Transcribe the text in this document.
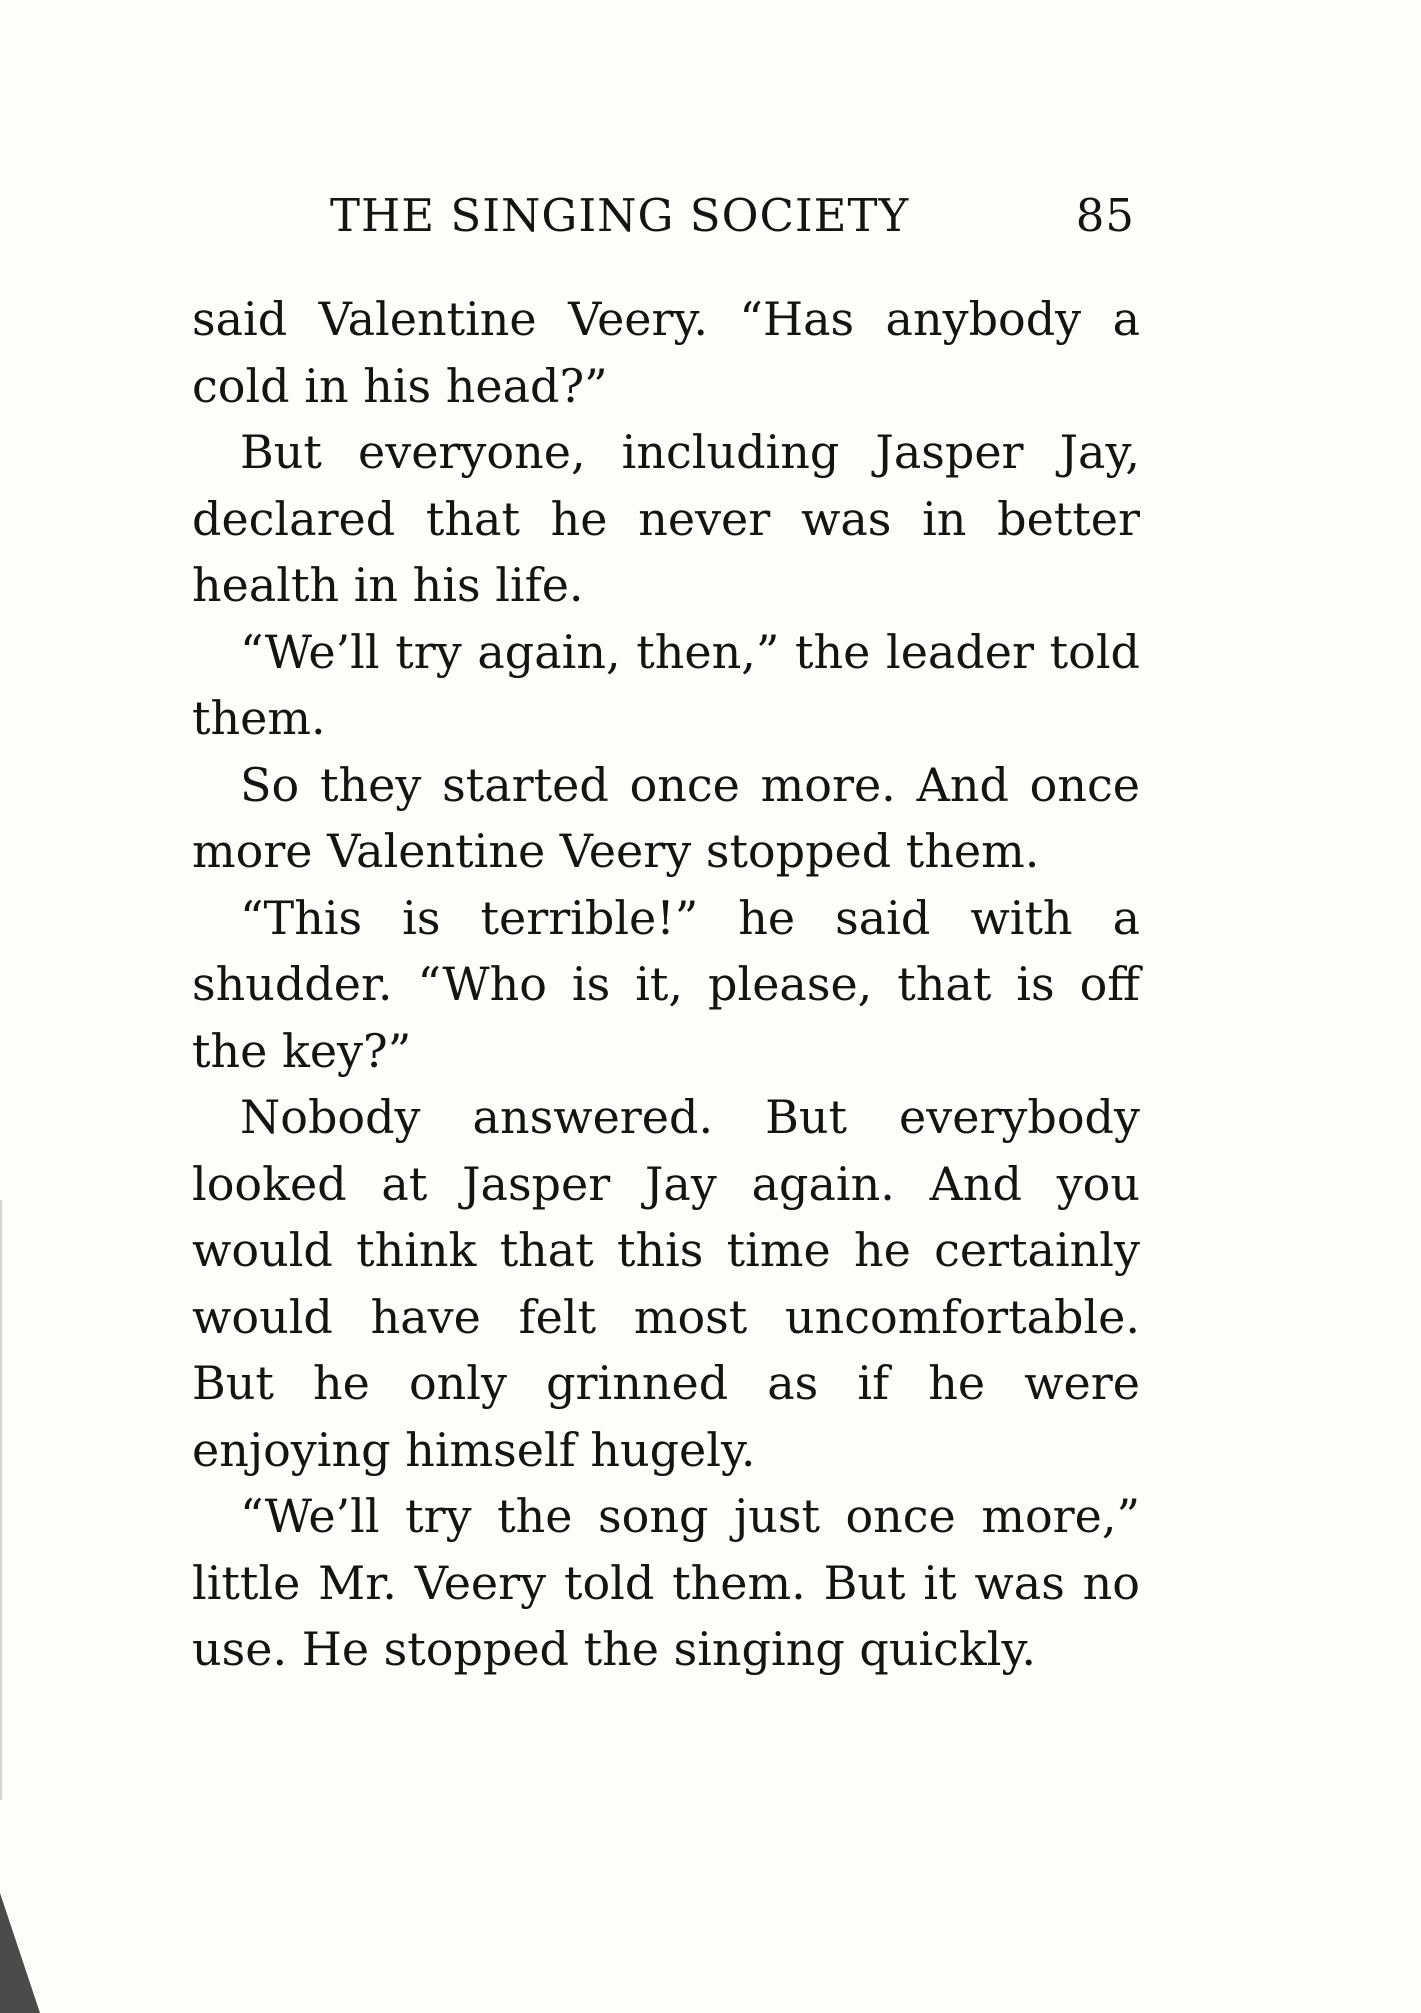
THE SINGING SOCIETY	85

said Valentine Veery. “Has anybody a cold in his head?”

But everyone, including Jasper Jay, declared that he never was in better health in his life.

“We’ll try again, then,” the leader told them.

So they started once more. And once more Valentine Veery stopped them.

“This is terrible!” he said with a shudder. “Who is it, please, that is off the key?”

Nobody answered. But everybody looked at Jasper Jay again. And you would think that this time he certainly would have felt most uncomfortable. But he only grinned as if he were enjoying himself hugely.

“We’ll try the song just once more,” little Mr. Veery told them. But it was no use. He stopped the singing quickly.
